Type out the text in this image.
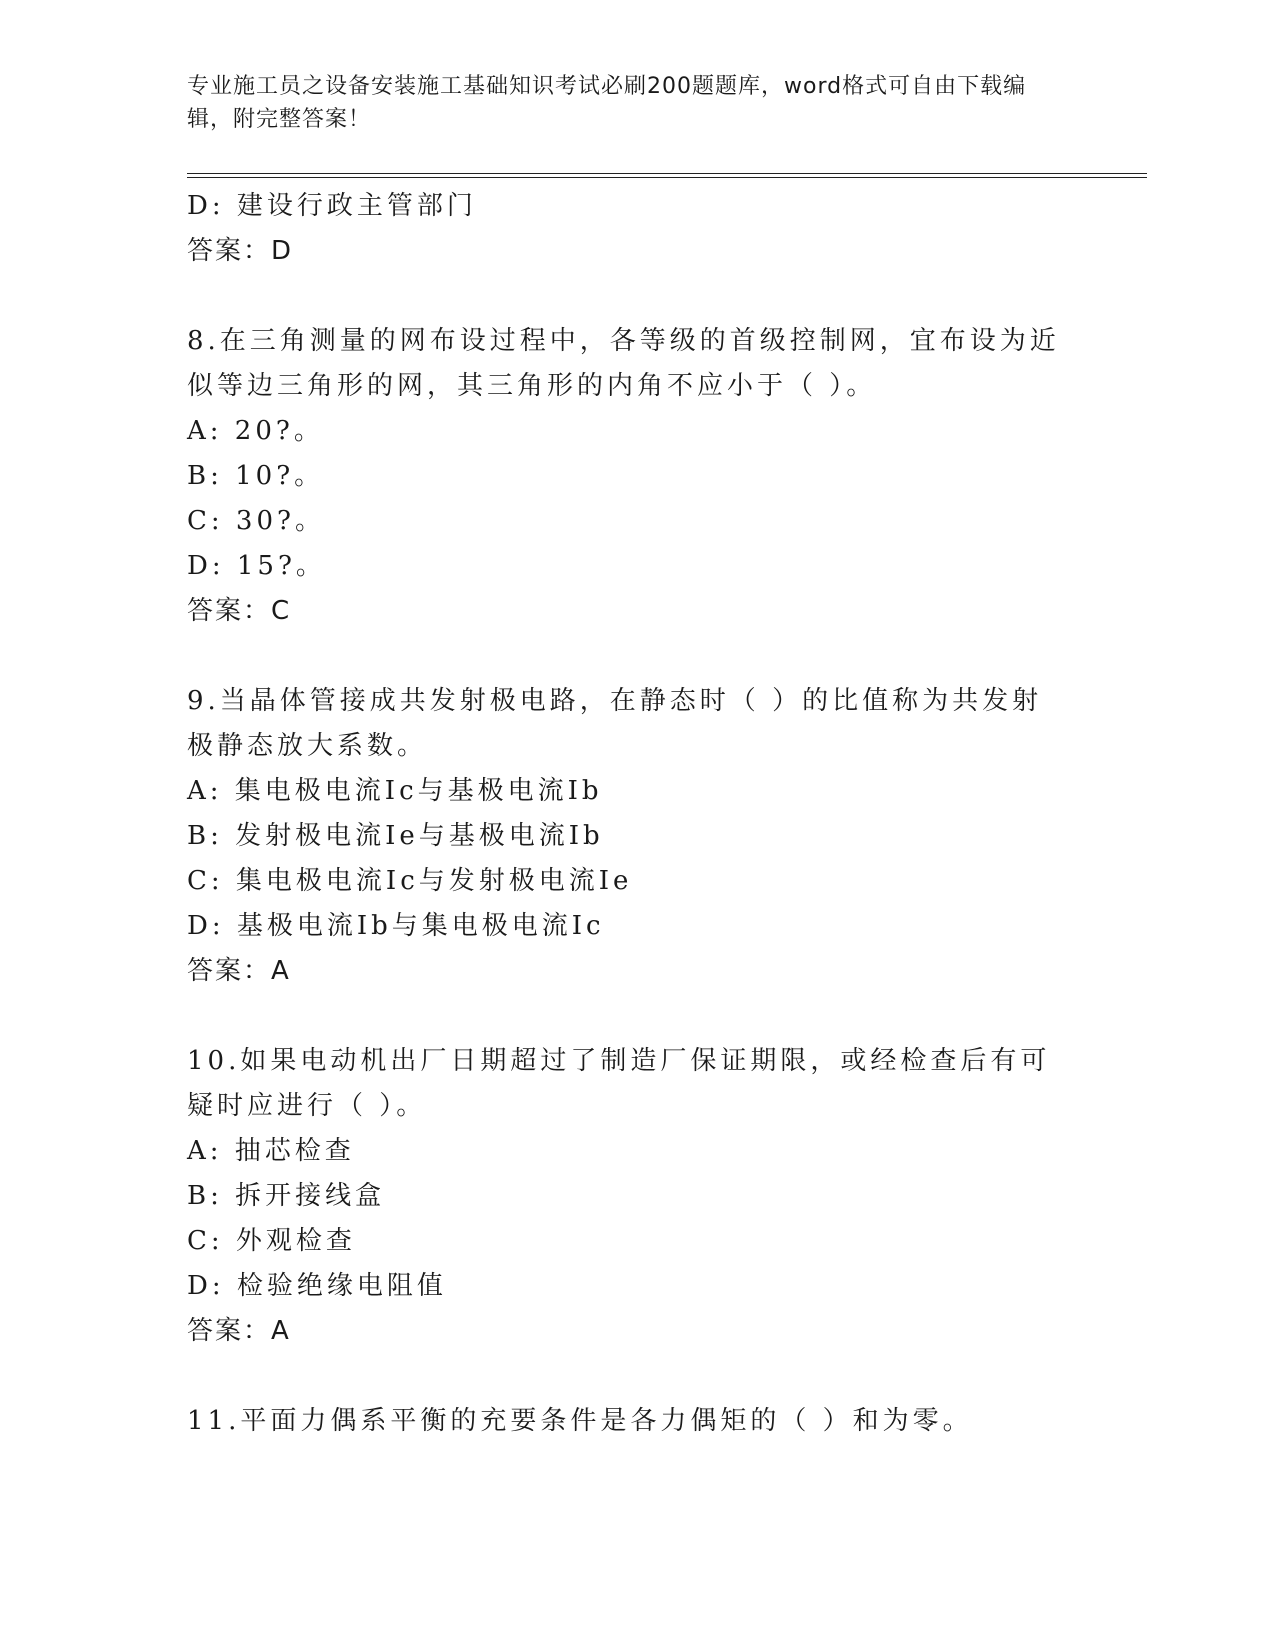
专业施工员之设备安装施工基础知识考试必刷200题题库，word格式可自由下载编辑，附完整答案！

D: 建设行政主管部门

答案：D

8.在三角测量的网布设过程中，各等级的首级控制网，宜布设为近似等边三角形的网，其三角形的内角不应小于（ ）。

A: 20?。

B: 10?。

C: 30?。

D: 15?。

答案：C

9.当晶体管接成共发射极电路，在静态时（ ）的比值称为共发射极静态放大系数。

A: 集电极电流Ic与基极电流Ib

B: 发射极电流Ie与基极电流Ib

C: 集电极电流Ic与发射极电流Ie

D: 基极电流Ib与集电极电流Ic

答案：A

10.如果电动机出厂日期超过了制造厂保证期限，或经检查后有可疑时应进行（ ）。

A: 抽芯检查

B: 拆开接线盒

C: 外观检查

D: 检验绝缘电阻值

答案：A

11.平面力偶系平衡的充要条件是各力偶矩的（ ）和为零。
